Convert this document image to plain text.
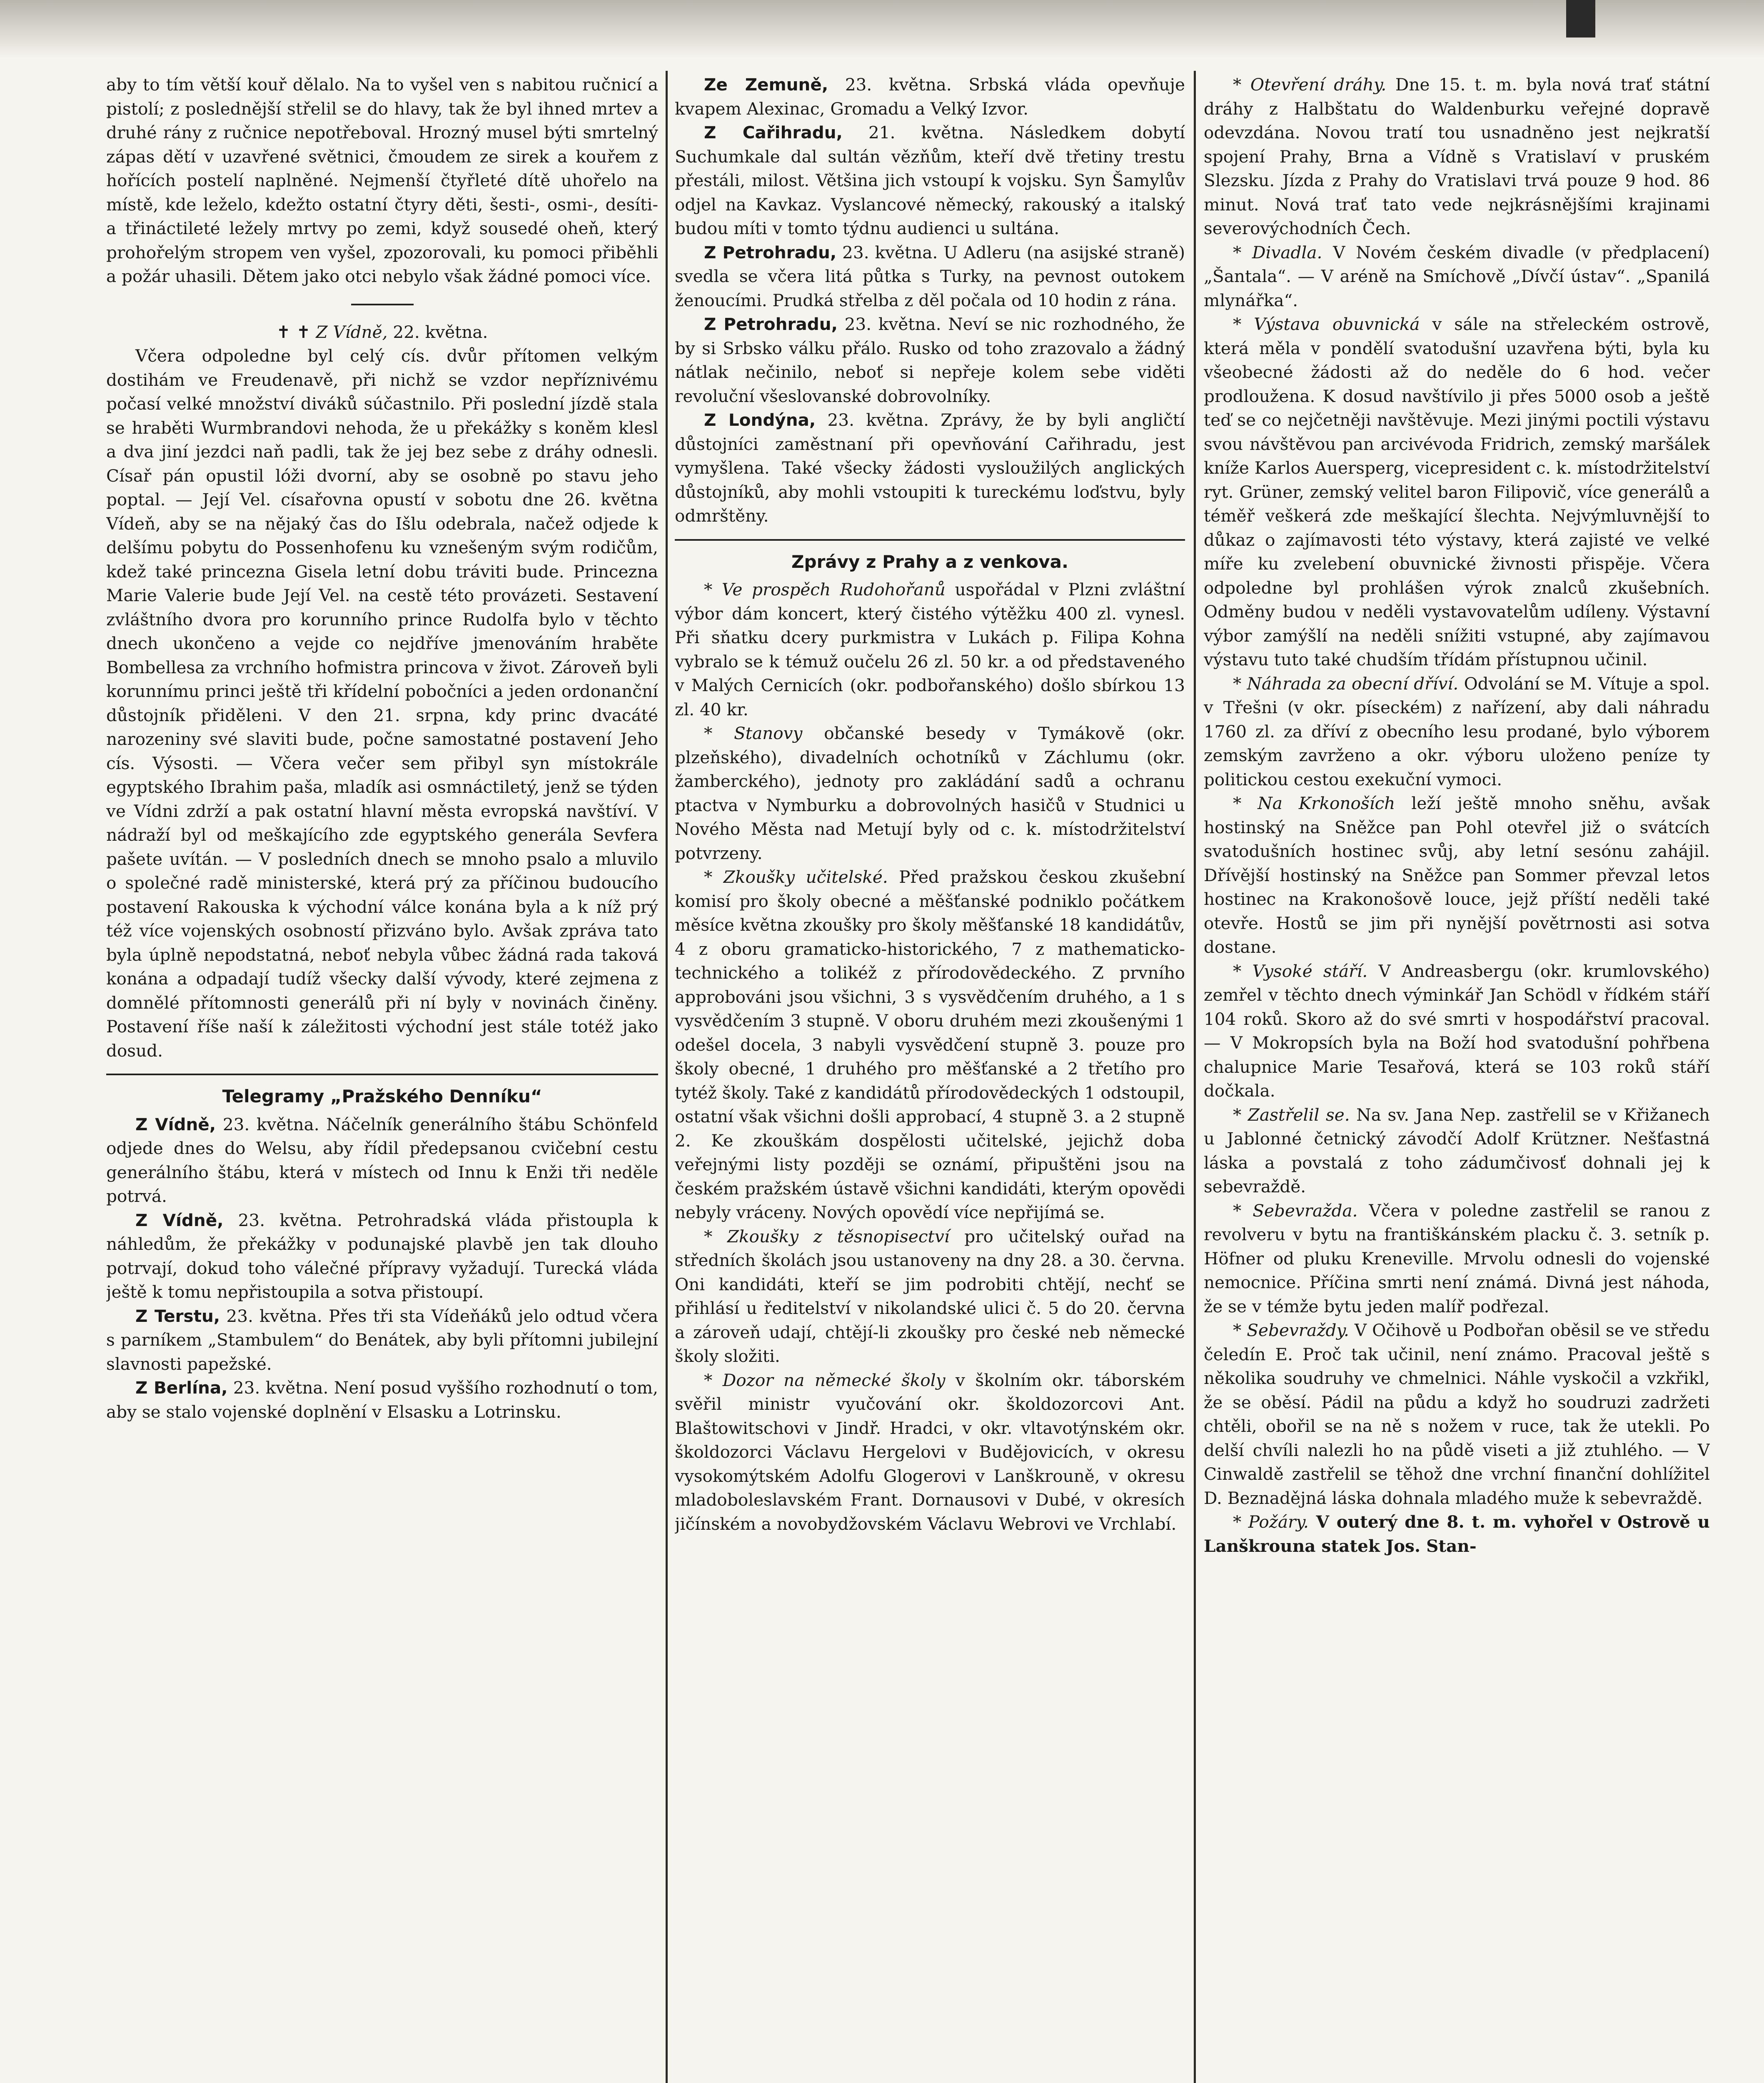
aby to tím větší kouř dělalo. Na to vyšel ven s nabitou ručnicí a pistolí; z poslednější střelil se do hlavy, tak že byl ihned mrtev a druhé rány z ručnice nepotřeboval. Hrozný musel býti smrtelný zápas dětí v uzavřené světnici, čmoudem ze sirek a kouřem z hořících postelí naplněné. Nejmenší čtyřleté dítě uhořelo na místě, kde leželo, kdežto ostatní čtyry děti, šesti-, osmi-, desíti- a třináctileté ležely mrtvy po zemi, když sousedé oheň, který prohořelým stropem ven vyšel, zpozorovali, ku pomoci přiběhli a požár uhasili. Dětem jako otci nebylo však žádné pomoci více.

✝ ✝ Z Vídně, 22. května.

Včera odpoledne byl celý cís. dvůr přítomen velkým dostihám ve Freudenavě, při nichž se vzdor nepříznivému počasí velké množství diváků súčastnilo. Při poslední jízdě stala se hraběti Wurmbrandovi nehoda, že u překážky s koněm klesl a dva jiní jezdci naň padli, tak že jej bez sebe z dráhy odnesli. Císař pán opustil lóži dvorní, aby se osobně po stavu jeho poptal. — Její Vel. císařovna opustí v sobotu dne 26. května Vídeň, aby se na nějaký čas do Išlu odebrala, načež odjede k delšímu pobytu do Possenhofenu ku vznešeným svým rodičům, kdež také princezna Gisela letní dobu tráviti bude. Princezna Marie Valerie bude Její Vel. na cestě této provázeti. Sestavení zvláštního dvora pro korunního prince Rudolfa bylo v těchto dnech ukončeno a vejde co nejdříve jmenováním hraběte Bombellesa za vrchního hofmistra princova v život. Zároveň byli korunnímu princi ještě tři křídelní pobočníci a jeden ordonanční důstojník přiděleni. V den 21. srpna, kdy princ dvacáté narozeniny své slaviti bude, počne samostatné postavení Jeho cís. Výsosti. — Včera večer sem přibyl syn místokrále egyptského Ibrahim paša, mladík asi osmnáctiletý, jenž se týden ve Vídni zdrží a pak ostatní hlavní města evropská navštíví. V nádraží byl od meškajícího zde egyptského generála Sevfera pašete uvítán. — V posledních dnech se mnoho psalo a mluvilo o společné radě ministerské, která prý za příčinou budoucího postavení Rakouska k východní válce konána byla a k níž prý též více vojenských osobností přizváno bylo. Avšak zpráva tato byla úplně nepodstatná, neboť nebyla vůbec žádná rada taková konána a odpadají tudíž všecky další vývody, které zejmena z domnělé přítomnosti generálů při ní byly v novinách činěny. Postavení říše naší k záležitosti východní jest stále totéž jako dosud.

Telegramy „Pražského Denníku“

Z Vídně, 23. května. Náčelník generálního štábu Schönfeld odjede dnes do Welsu, aby řídil předepsanou cvičební cestu generálního štábu, která v místech od Innu k Enži tři neděle potrvá.

Z Vídně, 23. května. Petrohradská vláda přistoupla k náhledům, že překážky v podunajské plavbě jen tak dlouho potrvají, dokud toho válečné přípravy vyžadují. Turecká vláda ještě k tomu nepřistoupila a sotva přistoupí.

Z Terstu, 23. května. Přes tři sta Vídeňáků jelo odtud včera s parníkem „Stambulem“ do Benátek, aby byli přítomni jubilejní slavnosti papežské.

Z Berlína, 23. května. Není posud vyššího rozhodnutí o tom, aby se stalo vojenské doplnění v Elsasku a Lotrinsku.

Ze Zemuně, 23. května. Srbská vláda opevňuje kvapem Alexinac, Gromadu a Velký Izvor.

Z Cařihradu, 21. května. Následkem dobytí Suchumkale dal sultán vězňům, kteří dvě třetiny trestu přestáli, milost. Většina jich vstoupí k vojsku. Syn Šamylův odjel na Kavkaz. Vyslancové německý, rakouský a italský budou míti v tomto týdnu audienci u sultána.

Z Petrohradu, 23. května. U Adleru (na asijské straně) svedla se včera litá půtka s Turky, na pevnost outokem ženoucími. Prudká střelba z děl počala od 10 hodin z rána.

Z Petrohradu, 23. května. Neví se nic rozhodného, že by si Srbsko válku přálo. Rusko od toho zrazovalo a žádný nátlak nečinilo, neboť si nepřeje kolem sebe viděti revoluční všeslovanské dobrovolníky.

Z Londýna, 23. května. Zprávy, že by byli angličtí důstojníci zaměstnaní při opevňování Cařihradu, jest vymyšlena. Také všecky žádosti vysloužilých anglických důstojníků, aby mohli vstoupiti k tureckému loďstvu, byly odmrštěny.

Zprávy z Prahy a z venkova.

* Ve prospěch Rudohořanů uspořádal v Plzni zvláštní výbor dám koncert, který čistého výtěžku 400 zl. vynesl. Při sňatku dcery purkmistra v Lukách p. Filipa Kohna vybralo se k témuž oučelu 26 zl. 50 kr. a od představeného v Malých Cernicích (okr. podbořanského) došlo sbírkou 13 zl. 40 kr.

* Stanovy občanské besedy v Tymákově (okr. plzeňského), divadelních ochotníků v Záchlumu (okr. žamberckého), jednoty pro zakládání sadů a ochranu ptactva v Nymburku a dobrovolných hasičů v Studnici u Nového Města nad Metují byly od c. k. místodržitelství potvrzeny.

* Zkoušky učitelské. Před pražskou českou zkušební komisí pro školy obecné a měšťanské podniklo počátkem měsíce května zkoušky pro školy měšťanské 18 kandidátův, 4 z oboru gramaticko-historického, 7 z mathematicko-technického a tolikéž z přírodovědeckého. Z prvního approbováni jsou všichni, 3 s vysvědčením druhého, a 1 s vysvědčením 3 stupně. V oboru druhém mezi zkoušenými 1 odešel docela, 3 nabyli vysvědčení stupně 3. pouze pro školy obecné, 1 druhého pro měšťanské a 2 třetího pro tytéž školy. Také z kandidátů přírodovědeckých 1 odstoupil, ostatní však všichni došli approbací, 4 stupně 3. a 2 stupně 2. Ke zkouškám dospělosti učitelské, jejichž doba veřejnými listy později se oznámí, připuštěni jsou na českém pražském ústavě všichni kandidáti, kterým opovědi nebyly vráceny. Nových opovědí více nepřijímá se.

* Zkoušky z těsnopisectví pro učitelský ouřad na středních školách jsou ustanoveny na dny 28. a 30. června. Oni kandidáti, kteří se jim podrobiti chtějí, nechť se přihlásí u ředitelství v nikolandské ulici č. 5 do 20. června a zároveň udají, chtějí-li zkoušky pro české neb německé školy složiti.

* Dozor na německé školy v školním okr. táborském svěřil ministr vyučování okr. školdozorcovi Ant. Blaštowitschovi v Jindř. Hradci, v okr. vltavotýnském okr. školdozorci Václavu Hergelovi v Budějovicích, v okresu vysokomýtském Adolfu Glogerovi v Lanškrouně, v okresu mladoboleslavském Frant. Dornausovi v Dubé, v okresích jičínském a novobydžovském Václavu Webrovi ve Vrchlabí.

* Otevření dráhy. Dne 15. t. m. byla nová trať státní dráhy z Halbštatu do Waldenburku veřejné dopravě odevzdána. Novou tratí tou usnadněno jest nejkratší spojení Prahy, Brna a Vídně s Vratislaví v pruském Slezsku. Jízda z Prahy do Vratislavi trvá pouze 9 hod. 86 minut. Nová trať tato vede nejkrásnějšími krajinami severovýchodních Čech.

* Divadla. V Novém českém divadle (v předplacení) „Šantala“. — V aréně na Smíchově „Dívčí ústav“. „Spanilá mlynářka“.

* Výstava obuvnická v sále na střeleckém ostrově, která měla v pondělí svatodušní uzavřena býti, byla ku všeobecné žádosti až do neděle do 6 hod. večer prodloužena. K dosud navštívilo ji přes 5000 osob a ještě teď se co nejčetněji navštěvuje. Mezi jinými poctili výstavu svou návštěvou pan arcivévoda Fridrich, zemský maršálek kníže Karlos Auersperg, vicepresident c. k. místodržitelství ryt. Grüner, zemský velitel baron Filipovič, více generálů a téměř veškerá zde meškající šlechta. Nejvýmluvnější to důkaz o zajímavosti této výstavy, která zajisté ve velké míře ku zvelebení obuvnické živnosti přispěje. Včera odpoledne byl prohlášen výrok znalců zkušebních. Odměny budou v neděli vystavovatelům udíleny. Výstavní výbor zamýšlí na neděli snížiti vstupné, aby zajímavou výstavu tuto také chudším třídám přístupnou učinil.

* Náhrada za obecní dříví. Odvolání se M. Vítuje a spol. v Třešni (v okr. píseckém) z nařízení, aby dali náhradu 1760 zl. za dříví z obecního lesu prodané, bylo výborem zemským zavrženo a okr. výboru uloženo peníze ty politickou cestou exekuční vymoci.

* Na Krkonoších leží ještě mnoho sněhu, avšak hostinský na Sněžce pan Pohl otevřel již o svátcích svatodušních hostinec svůj, aby letní sesónu zahájil. Dřívější hostinský na Sněžce pan Sommer převzal letos hostinec na Krakonošově louce, jejž příští neděli také otevře. Hostů se jim při nynější povětrnosti asi sotva dostane.

* Vysoké stáří. V Andreasbergu (okr. krumlovského) zemřel v těchto dnech výminkář Jan Schödl v řídkém stáří 104 roků. Skoro až do své smrti v hospodářství pracoval. — V Mokropsích byla na Boží hod svatodušní pohřbena chalupnice Marie Tesařová, která se 103 roků stáří dočkala.

* Zastřelil se. Na sv. Jana Nep. zastřelil se v Křižanech u Jablonné četnický závodčí Adolf Krützner. Nešťastná láska a povstalá z toho zádumčivosť dohnali jej k sebevraždě.

* Sebevražda. Včera v poledne zastřelil se ranou z revolveru v bytu na františkánském placku č. 3. setník p. Höfner od pluku Kreneville. Mrvolu odnesli do vojenské nemocnice. Příčina smrti není známá. Divná jest náhoda, že se v témže bytu jeden malíř podřezal.

* Sebevraždy. V Očihově u Podbořan oběsil se ve středu čeledín E. Proč tak učinil, není známo. Pracoval ještě s několika soudruhy ve chmelnici. Náhle vyskočil a vzkřikl, že se oběsí. Pádil na půdu a když ho soudruzi zadržeti chtěli, obořil se na ně s nožem v ruce, tak že utekli. Po delší chvíli nalezli ho na půdě viseti a již ztuhlého. — V Cinwaldě zastřelil se těhož dne vrchní finanční dohlížitel D. Beznadějná láska dohnala mladého muže k sebevraždě.

* Požáry. V outerý dne 8. t. m. vyhořel v Ostrově u Lanškrouna statek Jos. Stan-
